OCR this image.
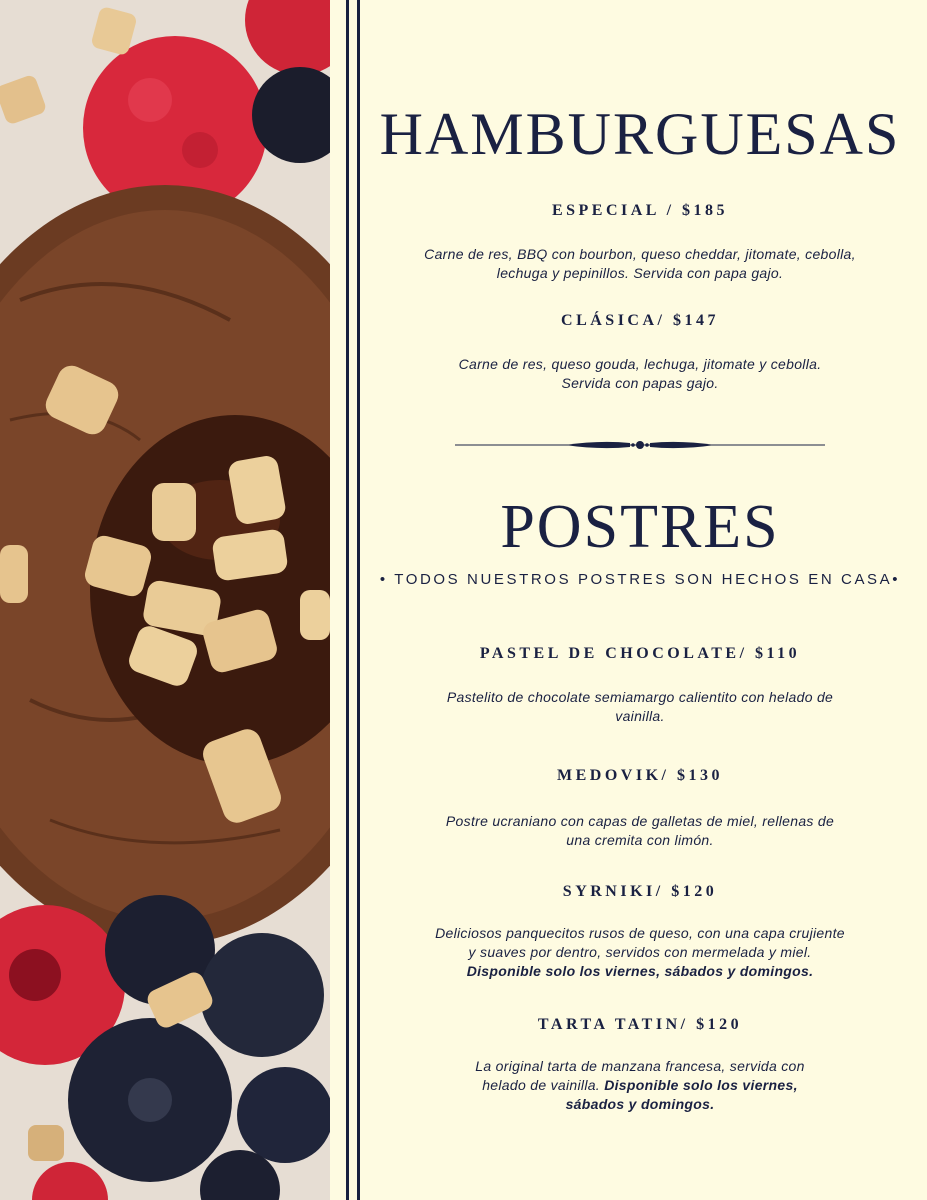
HAMBURGUESAS
ESPECIAL / $185
Carne de res, BBQ con bourbon, queso cheddar, jitomate, cebolla,
lechuga y pepinillos. Servida con papa gajo.
CLÁSICA/ $147
Carne de res, queso gouda, lechuga, jitomate y cebolla.
Servida con papas gajo.
POSTRES
• TODOS NUESTROS POSTRES SON HECHOS EN CASA•
PASTEL DE CHOCOLATE/ $110
Pastelito de chocolate semiamargo calientito con helado de
vainilla.
MEDOVIK/ $130
Postre ucraniano con capas de galletas de miel, rellenas de
una cremita con limón.
SYRNIKI/ $120
Deliciosos panquecitos rusos de queso, con una capa crujiente
y suaves por dentro, servidos con mermelada y miel.
Disponible solo los viernes, sábados y domingos.
TARTA TATIN/ $120
La original tarta de manzana francesa, servida con
helado de vainilla. Disponible solo los viernes,
sábados y domingos.
